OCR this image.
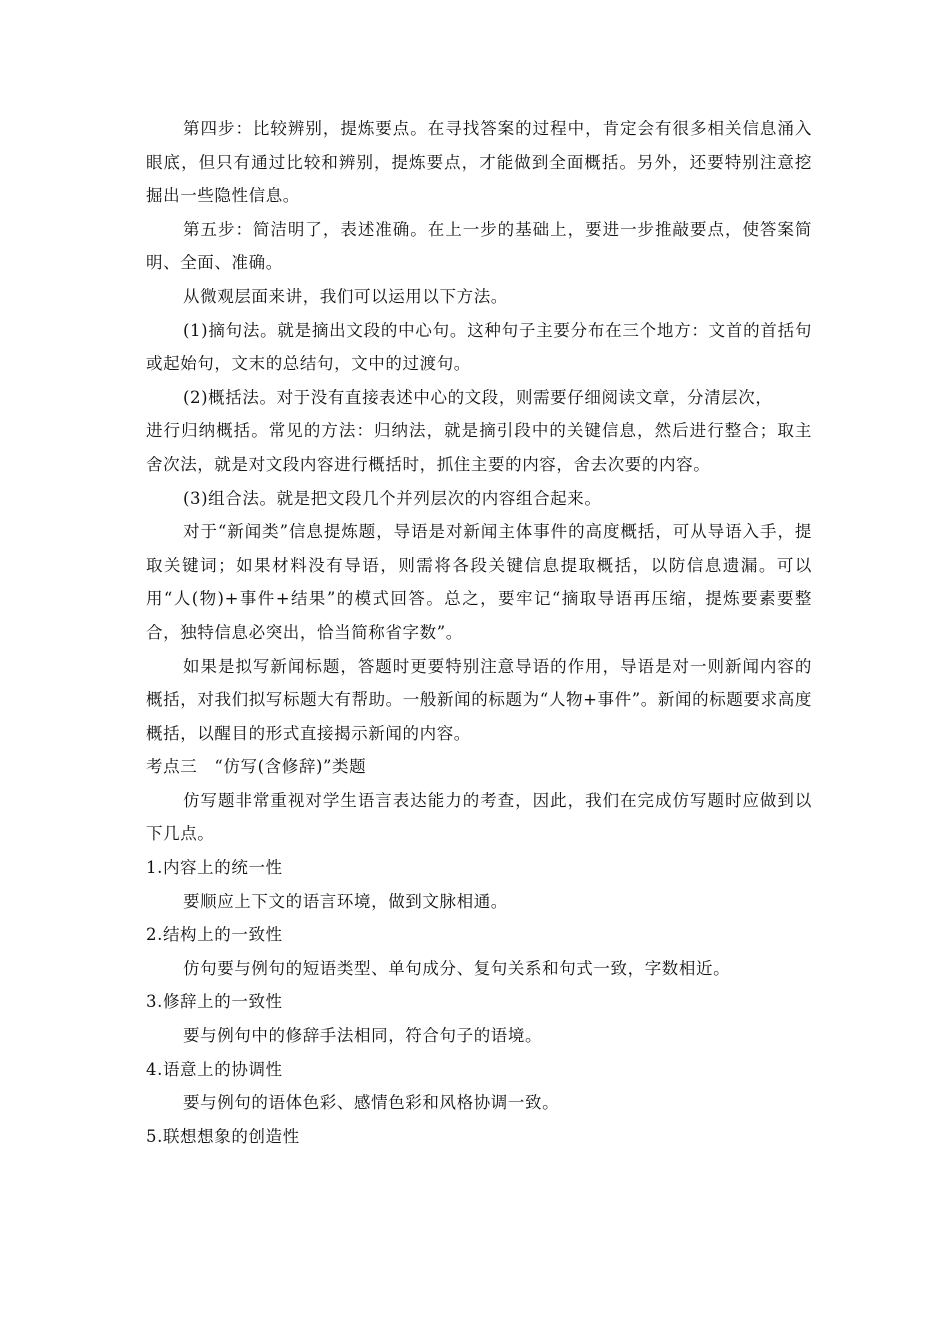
第四步：比较辨别，提炼要点。在寻找答案的过程中，肯定会有很多相关信息涌入眼底，但只有通过比较和辨别，提炼要点，才能做到全面概括。另外，还要特别注意挖掘出一些隐性信息。

第五步：简洁明了，表述准确。在上一步的基础上，要进一步推敲要点，使答案简明、全面、准确。

从微观层面来讲，我们可以运用以下方法。

(1)摘句法。就是摘出文段的中心句。这种句子主要分布在三个地方：文首的首括句或起始句，文末的总结句，文中的过渡句。

(2)概括法。对于没有直接表述中心的文段，则需要仔细阅读文章，分清层次，

进行归纳概括。常见的方法：归纳法，就是摘引段中的关键信息，然后进行整合；取主舍次法，就是对文段内容进行概括时，抓住主要的内容，舍去次要的内容。

(3)组合法。就是把文段几个并列层次的内容组合起来。

对于“新闻类”信息提炼题，导语是对新闻主体事件的高度概括，可从导语入手，提取关键词；如果材料没有导语，则需将各段关键信息提取概括，以防信息遗漏。可以用“人(物)+事件+结果”的模式回答。总之，要牢记“摘取导语再压缩，提炼要素要整合，独特信息必突出，恰当简称省字数”。

如果是拟写新闻标题，答题时更要特别注意导语的作用，导语是对一则新闻内容的概括，对我们拟写标题大有帮助。一般新闻的标题为“人物+事件”。新闻的标题要求高度概括，以醒目的形式直接揭示新闻的内容。

考点三　“仿写(含修辞)”类题

仿写题非常重视对学生语言表达能力的考查，因此，我们在完成仿写题时应做到以下几点。

1.内容上的统一性

要顺应上下文的语言环境，做到文脉相通。

2.结构上的一致性

仿句要与例句的短语类型、单句成分、复句关系和句式一致，字数相近。

3.修辞上的一致性

要与例句中的修辞手法相同，符合句子的语境。

4.语意上的协调性

要与例句的语体色彩、感情色彩和风格协调一致。

5.联想想象的创造性
